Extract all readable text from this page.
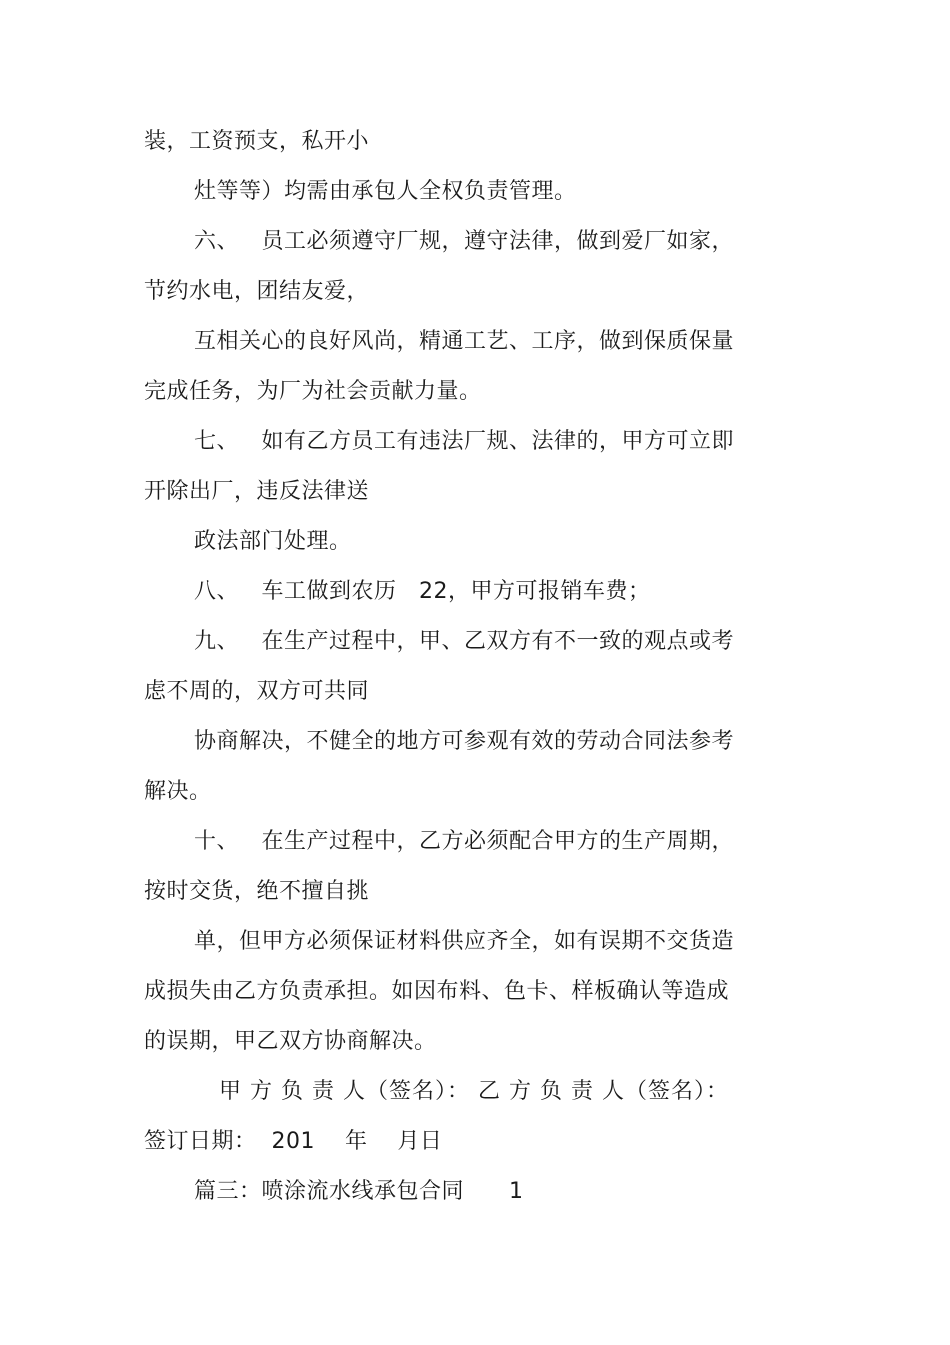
装，工资预支，私开小
灶等等）均需由承包人全权负责管理。
六、   员工必须遵守厂规，遵守法律，做到爱厂如家，
节约水电，团结友爱，
互相关心的良好风尚，精通工艺、工序，做到保质保量
完成任务，为厂为社会贡献力量。
七、   如有乙方员工有违法厂规、法律的，甲方可立即
开除出厂，违反法律送
政法部门处理。
八、   车工做到农历   22，甲方可报销车费；
九、   在生产过程中，甲、乙双方有不一致的观点或考
虑不周的，双方可共同
协商解决，不健全的地方可参观有效的劳动合同法参考
解决。
十、   在生产过程中，乙方必须配合甲方的生产周期，
按时交货，绝不擅自挑
单，但甲方必须保证材料供应齐全，如有误期不交货造
成损失由乙方负责承担。如因布料、色卡、样板确认等造成
的误期，甲乙双方协商解决。
甲 方 负 责 人（签名）： 乙 方 负 责 人（签名）：
签订日期：  201    年    月日
篇三：喷涂流水线承包合同      1
